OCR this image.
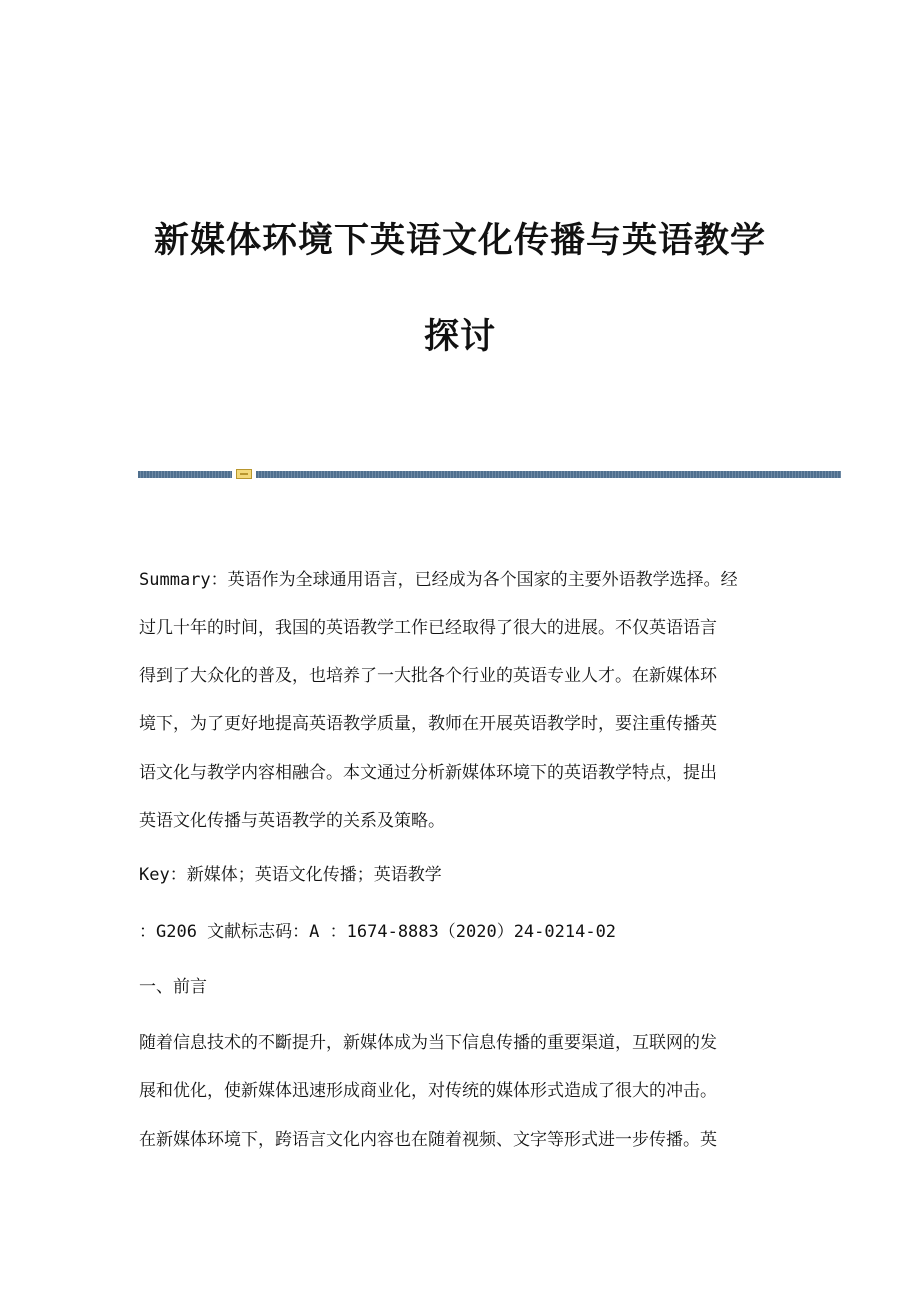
新媒体环境下英语文化传播与英语教学
探讨

Summary：英语作为全球通用语言，已经成为各个国家的主要外语教学选择。经

过几十年的时间，我国的英语教学工作已经取得了很大的进展。不仅英语语言

得到了大众化的普及，也培养了一大批各个行业的英语专业人才。在新媒体环

境下，为了更好地提高英语教学质量，教师在开展英语教学时，要注重传播英

语文化与教学内容相融合。本文通过分析新媒体环境下的英语教学特点，提出

英语文化传播与英语教学的关系及策略。

Key：新媒体；英语文化传播；英语教学

：G206 文献标志码：A ：1674-8883（2020）24-0214-02

一、前言

随着信息技术的不斷提升，新媒体成为当下信息传播的重要渠道，互联网的发

展和优化，使新媒体迅速形成商业化，对传统的媒体形式造成了很大的冲击。

在新媒体环境下，跨语言文化内容也在随着视频、文字等形式进一步传播。英
